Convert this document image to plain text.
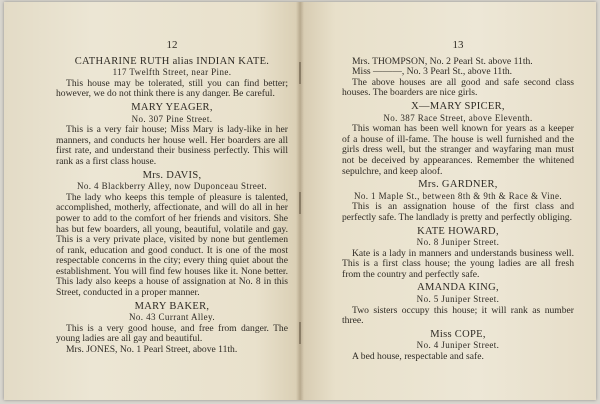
12
CATHARINE RUTH alias INDIAN KATE.
117 Twelfth Street, near Pine.

This house may be tolerated, still you can find better; however, we do not think there is any danger. Be careful.

MARY YEAGER,
No. 307 Pine Street.

This is a very fair house; Miss Mary is lady-like in her manners, and conducts her house well. Her boarders are all first rate, and understand their business perfectly. This will rank as a first class house.

Mrs. DAVIS,
No. 4 Blackberry Alley, now Duponceau Street.

The lady who keeps this temple of pleasure is talented, accomplished, motherly, affectionate, and will do all in her power to add to the comfort of her friends and visitors. She has but few boarders, all young, beautiful, volatile and gay. This is a very private place, visited by none but gentlemen of rank, education and good conduct. It is one of the most respectable concerns in the city; every thing quiet about the establishment. You will find few houses like it. None better. This lady also keeps a house of assignation at No. 8 in this Street, conducted in a proper manner.

MARY BAKER,
No. 43 Currant Alley.

This is a very good house, and free from danger. The young ladies are all gay and beautiful.

Mrs. JONES, No. 1 Pearl Street, above 11th.

13

Mrs. THOMPSON, No. 2 Pearl St. above 11th.

Miss ———, No. 3 Pearl St., above 11th.

The above houses are all good and safe second class houses. The boarders are nice girls.

X—MARY SPICER,
No. 387 Race Street, above Eleventh.

This woman has been well known for years as a keeper of a house of ill-fame. The house is well furnished and the girls dress well, but the stranger and wayfaring man must not be deceived by appearances. Remember the whitened sepulchre, and keep aloof.

Mrs. GARDNER,
No. 1 Maple St., between 8th & 9th & Race & Vine.

This is an assignation house of the first class and perfectly safe. The landlady is pretty and perfectly obliging.

KATE HOWARD,
No. 8 Juniper Street.

Kate is a lady in manners and understands business well. This is a first class house; the young ladies are all fresh from the country and perfectly safe.

AMANDA KING,
No. 5 Juniper Street.

Two sisters occupy this house; it will rank as number three.

Miss COPE,
No. 4 Juniper Street.

A bed house, respectable and safe.
